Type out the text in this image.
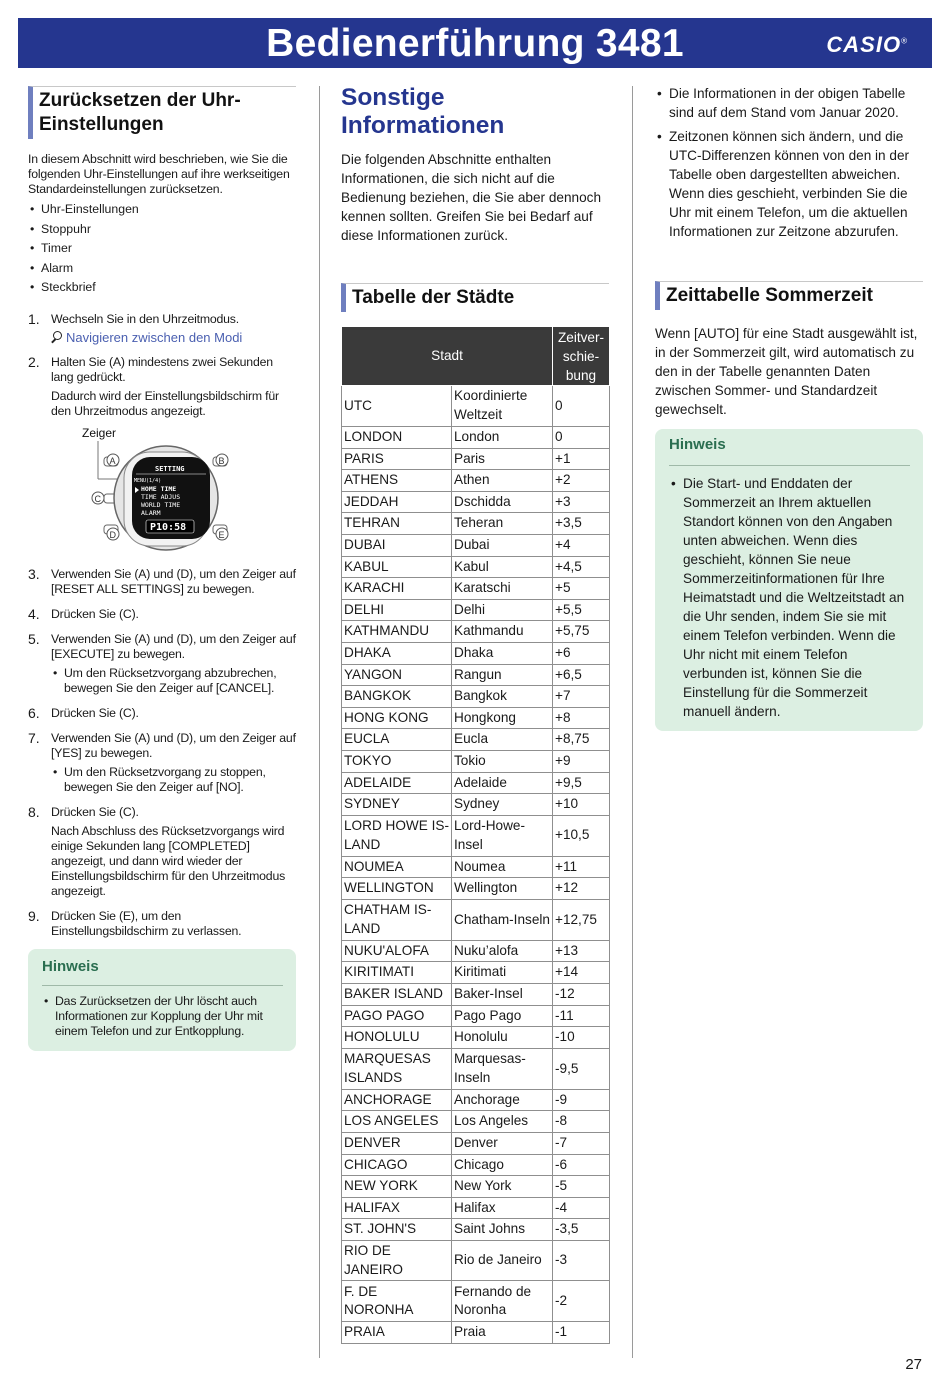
Bedienerführung 3481	CASIO®
Zurücksetzen der Uhr-Einstellungen

In diesem Abschnitt wird beschrieben, wie Sie die folgenden Uhr-Einstellungen auf ihre werkseitigen Standardeinstellungen zurücksetzen.

• Uhr-Einstellungen
• Stoppuhr
• Timer
• Alarm
• Steckbrief
1. Wechseln Sie in den Uhrzeitmodus.
Navigieren zwischen den Modi
2. Halten Sie (A) mindestens zwei Sekunden lang gedrückt.
Dadurch wird der Einstellungsbildschirm für den Uhrzeitmodus angezeigt.
Zeiger
SETTING
MENU(1/4)
HOME TIME
TIME ADJUS
WORLD TIME
ALARM
P10:58
A	B
C
D	E
3. Verwenden Sie (A) und (D), um den Zeiger auf [RESET ALL SETTINGS] zu bewegen.
4. Drücken Sie (C).
5. Verwenden Sie (A) und (D), um den Zeiger auf [EXECUTE] zu bewegen.
• Um den Rücksetzvorgang abzubrechen, bewegen Sie den Zeiger auf [CANCEL].
6. Drücken Sie (C).
7. Verwenden Sie (A) und (D), um den Zeiger auf [YES] zu bewegen.
• Um den Rücksetzvorgang zu stoppen, bewegen Sie den Zeiger auf [NO].
8. Drücken Sie (C).
Nach Abschluss des Rücksetzvorgangs wird einige Sekunden lang [COMPLETED] angezeigt, und dann wird wieder der Einstellungsbildschirm für den Uhrzeitmodus angezeigt.
9. Drücken Sie (E), um den Einstellungsbildschirm zu verlassen.
Hinweis
• Das Zurücksetzen der Uhr löscht auch Informationen zur Kopplung der Uhr mit einem Telefon und zur Entkopplung.
Sonstige Informationen

Die folgenden Abschnitte enthalten Informationen, die sich nicht auf die Bedienung beziehen, die Sie aber dennoch kennen sollten. Greifen Sie bei Bedarf auf diese Informationen zurück.

Tabelle der Städte
Stadt		Zeitver-schie-bung
UTC	Koordinierte Weltzeit	0
LONDON	London	0
PARIS	Paris	+1
ATHENS	Athen	+2
JEDDAH	Dschidda	+3
TEHRAN	Teheran	+3,5
DUBAI	Dubai	+4
KABUL	Kabul	+4,5
KARACHI	Karatschi	+5
DELHI	Delhi	+5,5
KATHMANDU	Kathmandu	+5,75
DHAKA	Dhaka	+6
YANGON	Rangun	+6,5
BANGKOK	Bangkok	+7
HONG KONG	Hongkong	+8
EUCLA	Eucla	+8,75
TOKYO	Tokio	+9
ADELAIDE	Adelaide	+9,5
SYDNEY	Sydney	+10
LORD HOWE IS-LAND	Lord-Howe-Insel	+10,5
NOUMEA	Noumea	+11
WELLINGTON	Wellington	+12
CHATHAM IS-LAND	Chatham-Inseln	+12,75
NUKU'ALOFA	Nuku’alofa	+13
KIRITIMATI	Kiritimati	+14
BAKER ISLAND	Baker-Insel	-12
PAGO PAGO	Pago Pago	-11
HONOLULU	Honolulu	-10
MARQUESAS ISLANDS	Marquesas-Inseln	-9,5
ANCHORAGE	Anchorage	-9
LOS ANGELES	Los Angeles	-8
DENVER	Denver	-7
CHICAGO	Chicago	-6
NEW YORK	New York	-5
HALIFAX	Halifax	-4
ST. JOHN'S	Saint Johns	-3,5
RIO DE JANEIRO	Rio de Janeiro	-3
F. DE NORONHA	Fernando de Noronha	-2
PRAIA	Praia	-1
• Die Informationen in der obigen Tabelle sind auf dem Stand vom Januar 2020.
• Zeitzonen können sich ändern, und die UTC-Differenzen können von den in der Tabelle oben dargestellten abweichen. Wenn dies geschieht, verbinden Sie die Uhr mit einem Telefon, um die aktuellen Informationen zur Zeitzone abzurufen.
Zeittabelle Sommerzeit

Wenn [AUTO] für eine Stadt ausgewählt ist, in der Sommerzeit gilt, wird automatisch zu den in der Tabelle genannten Daten zwischen Sommer- und Standardzeit gewechselt.

Hinweis
• Die Start- und Enddaten der Sommerzeit an Ihrem aktuellen Standort können von den Angaben unten abweichen. Wenn dies geschieht, können Sie neue Sommerzeitinformationen für Ihre Heimatstadt und die Weltzeitstadt an die Uhr senden, indem Sie sie mit einem Telefon verbinden. Wenn die Uhr nicht mit einem Telefon verbunden ist, können Sie die Einstellung für die Sommerzeit manuell ändern.
27
